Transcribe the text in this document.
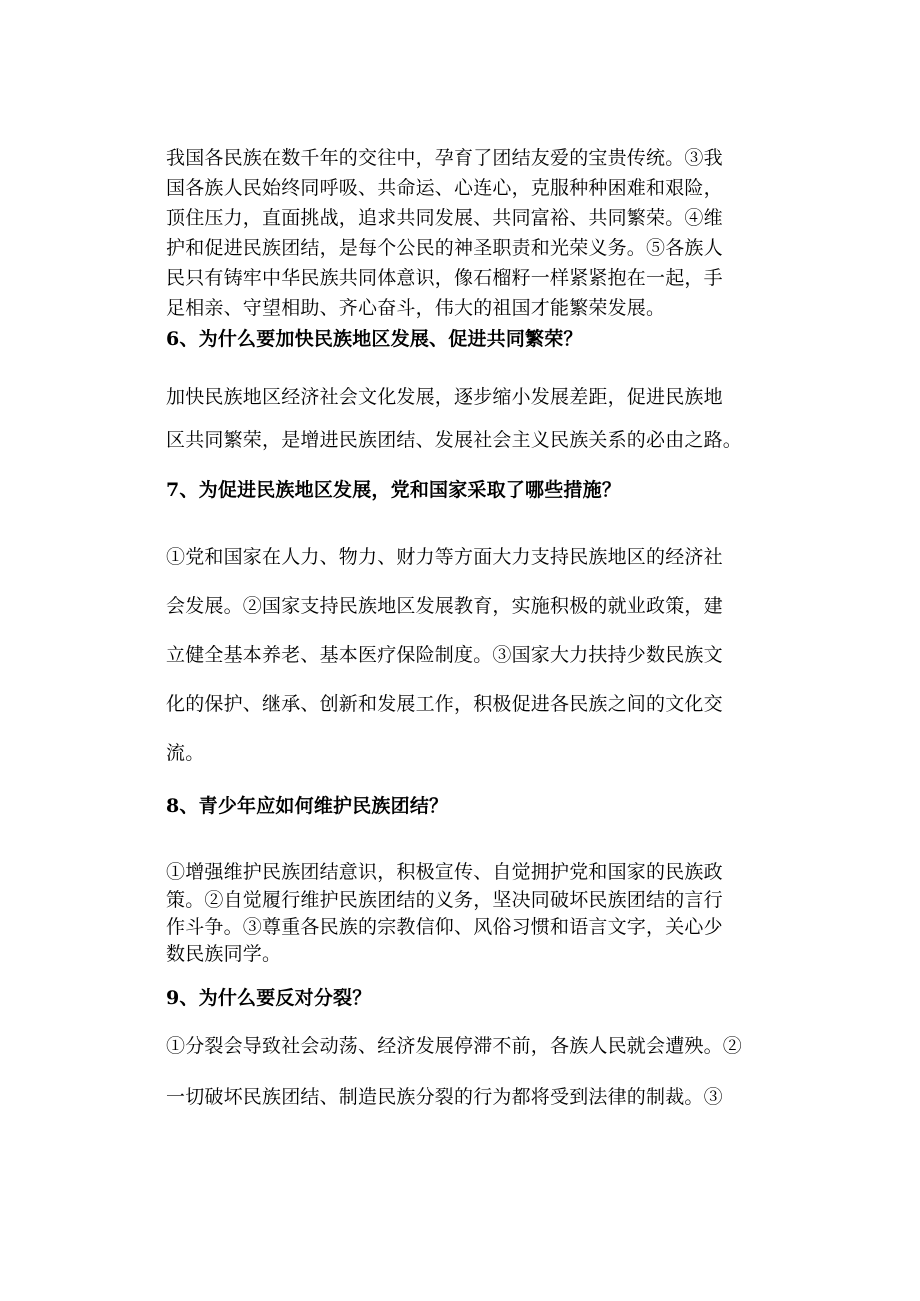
我国各民族在数千年的交往中，孕育了团结友爱的宝贵传统。③我
国各族人民始终同呼吸、共命运、心连心，克服种种困难和艰险，
顶住压力，直面挑战，追求共同发展、共同富裕、共同繁荣。④维
护和促进民族团结，是每个公民的神圣职责和光荣义务。⑤各族人
民只有铸牢中华民族共同体意识，像石榴籽一样紧紧抱在一起，手
足相亲、守望相助、齐心奋斗，伟大的祖国才能繁荣发展。
6、为什么要加快民族地区发展、促进共同繁荣？
加快民族地区经济社会文化发展，逐步缩小发展差距，促进民族地
区共同繁荣，是增进民族团结、发展社会主义民族关系的必由之路。
7、为促进民族地区发展，党和国家采取了哪些措施？
①党和国家在人力、物力、财力等方面大力支持民族地区的经济社
会发展。②国家支持民族地区发展教育，实施积极的就业政策，建
立健全基本养老、基本医疗保险制度。③国家大力扶持少数民族文
化的保护、继承、创新和发展工作，积极促进各民族之间的文化交
流。
8、青少年应如何维护民族团结？
①增强维护民族团结意识，积极宣传、自觉拥护党和国家的民族政
策。②自觉履行维护民族团结的义务，坚决同破坏民族团结的言行
作斗争。③尊重各民族的宗教信仰、风俗习惯和语言文字，关心少
数民族同学。
9、为什么要反对分裂？
①分裂会导致社会动荡、经济发展停滞不前，各族人民就会遭殃。②
一切破坏民族团结、制造民族分裂的行为都将受到法律的制裁。③
